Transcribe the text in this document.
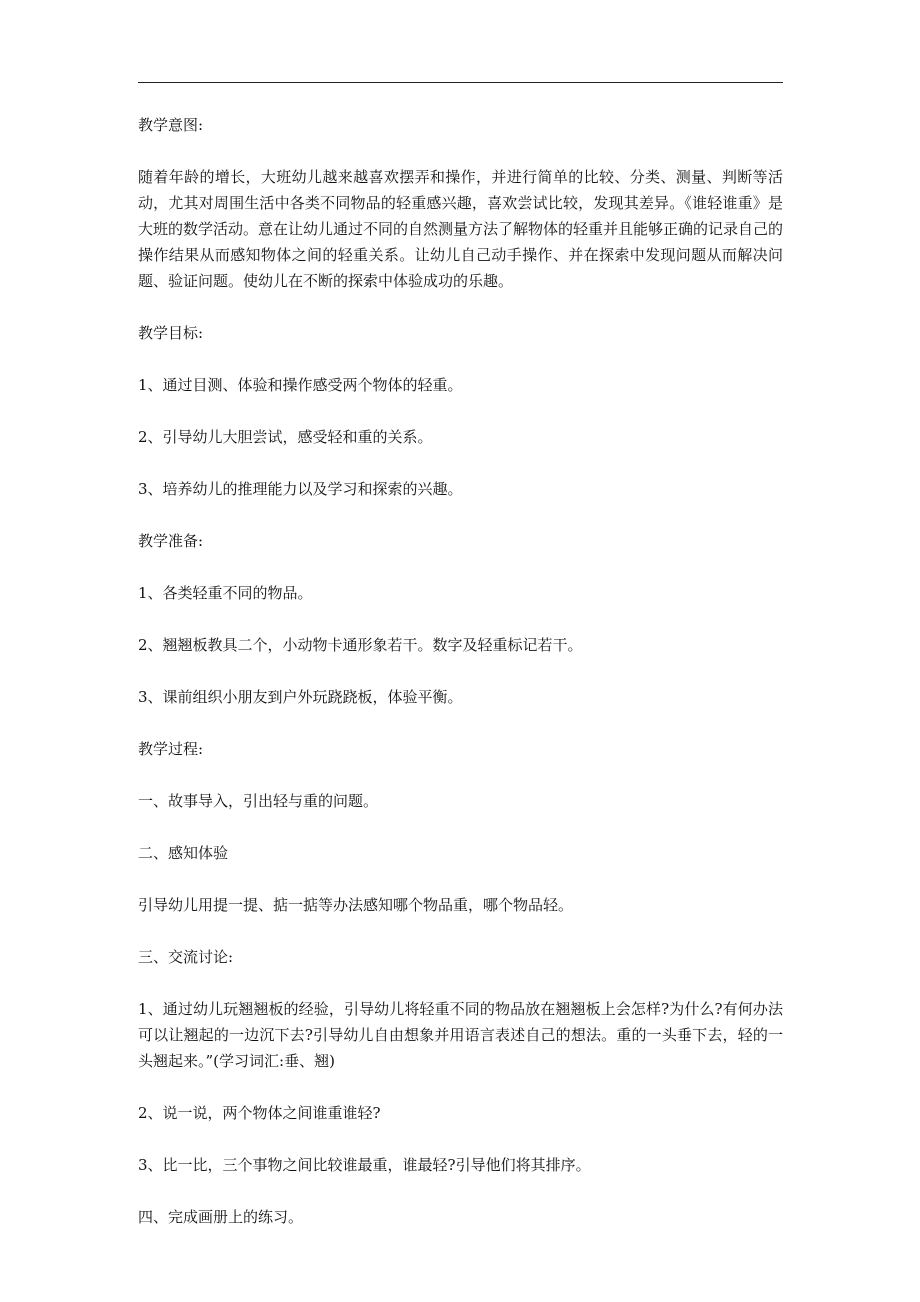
教学意图:

随着年龄的增长，大班幼儿越来越喜欢摆弄和操作，并进行简单的比较、分类、测量、判断等活动，尤其对周围生活中各类不同物品的轻重感兴趣，喜欢尝试比较，发现其差异。《谁轻谁重》是大班的数学活动。意在让幼儿通过不同的自然测量方法了解物体的轻重并且能够正确的记录自己的操作结果从而感知物体之间的轻重关系。让幼儿自己动手操作、并在探索中发现问题从而解决问题、验证问题。使幼儿在不断的探索中体验成功的乐趣。

教学目标:

1、通过目测、体验和操作感受两个物体的轻重。

2、引导幼儿大胆尝试，感受轻和重的关系。

3、培养幼儿的推理能力以及学习和探索的兴趣。

教学准备:

1、各类轻重不同的物品。

2、翘翘板教具二个，小动物卡通形象若干。数字及轻重标记若干。

3、课前组织小朋友到户外玩跷跷板，体验平衡。

教学过程:

一、故事导入，引出轻与重的问题。

二、感知体验

引导幼儿用提一提、掂一掂等办法感知哪个物品重，哪个物品轻。

三、交流讨论:

1、通过幼儿玩翘翘板的经验，引导幼儿将轻重不同的物品放在翘翘板上会怎样?为什么?有何办法可以让翘起的一边沉下去?引导幼儿自由想象并用语言表述自己的想法。重的一头垂下去，轻的一头翘起来。”(学习词汇:垂、翘)

2、说一说，两个物体之间谁重谁轻?

3、比一比，三个事物之间比较谁最重，谁最轻?引导他们将其排序。

四、完成画册上的练习。
